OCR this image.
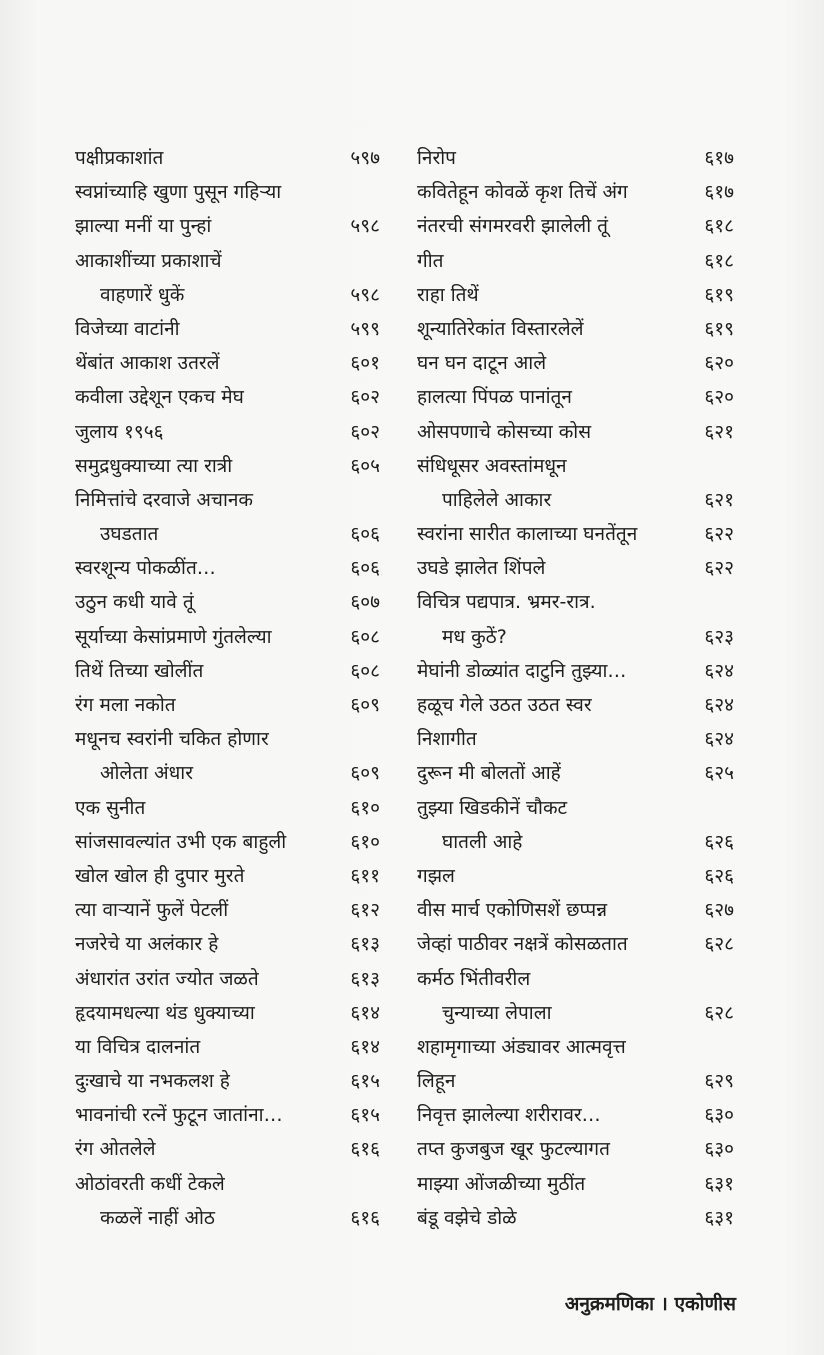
पक्षीप्रकाशांत	५९७
स्वप्नांच्याहि खुणा पुसून गहिऱ्या
झाल्या मनीं या पुन्हां	५९८
आकाशींच्या प्रकाशाचें
वाहणारें धुकें	५९८
विजेच्या वाटांनी	५९९
थेंबांत आकाश उतरलें	६०१
कवीला उद्देशून एकच मेघ	६०२
जुलाय १९५६	६०२
समुद्रधुक्याच्या त्या रात्री	६०५
निमित्तांचे दरवाजे अचानक
उघडतात	६०६
स्वरशून्य पोकळींत…	६०६
उठुन कधी यावे तूं	६०७
सूर्याच्या केसांप्रमाणे गुंतलेल्या	६०८
तिथें तिच्या खोलींत	६०८
रंग मला नकोत	६०९
मधूनच स्वरांनी चकित होणार
ओलेता अंधार	६०९
एक सुनीत	६१०
सांजसावल्यांत उभी एक बाहुली	६१०
खोल खोल ही दुपार मुरते	६११
त्या वाऱ्यानें फुलें पेटलीं	६१२
नजरेचे या अलंकार हे	६१३
अंधारांत उरांत ज्योत जळते	६१३
हृदयामधल्या थंड धुक्याच्या	६१४
या विचित्र दालनांत	६१४
दुःखाचे या नभकलश हे	६१५
भावनांची रत्नें फुटून जातांना…	६१५
रंग ओतलेले	६१६
ओठांवरती कधीं टेकले
कळलें नाहीं ओठ	६१६
निरोप	६१७
कवितेहून कोवळें कृश तिचें अंग	६१७
नंतरची संगमरवरी झालेली तूं	६१८
गीत	६१८
राहा तिथें	६१९
शून्यातिरेकांत विस्तारलेलें	६१९
घन घन दाटून आले	६२०
हालत्या पिंपळ पानांतून	६२०
ओसपणाचे कोसच्या कोस	६२१
संधिधूसर अवस्तांमधून
पाहिलेले आकार	६२१
स्वरांना सारीत कालाच्या घनतेंतून	६२२
उघडे झालेत शिंपले	६२२
विचित्र पद्यपात्र. भ्रमर-रात्र.
मध कुठें?	६२३
मेघांनी डोळ्यांत दाटुनि तुझ्या…	६२४
हळूच गेले उठत उठत स्वर	६२४
निशागीत	६२४
दुरून मी बोलतों आहें	६२५
तुझ्या खिडकीनें चौकट
घातली आहे	६२६
गझल	६२६
वीस मार्च एकोणिसशें छप्पन्न	६२७
जेव्हां पाठीवर नक्षत्रें कोसळतात	६२८
कर्मठ भिंतीवरील
चुन्याच्या लेपाला	६२८
शहामृगाच्या अंड्यावर आत्मवृत्त
लिहून	६२९
निवृत्त झालेल्या शरीरावर…	६३०
तप्त कुजबुज खूर फुटल्यागत	६३०
माझ्या ओंजळीच्या मुठींत	६३१
बंडू वझेचे डोळे	६३१
अनुक्रमणिका । एकोणीस
